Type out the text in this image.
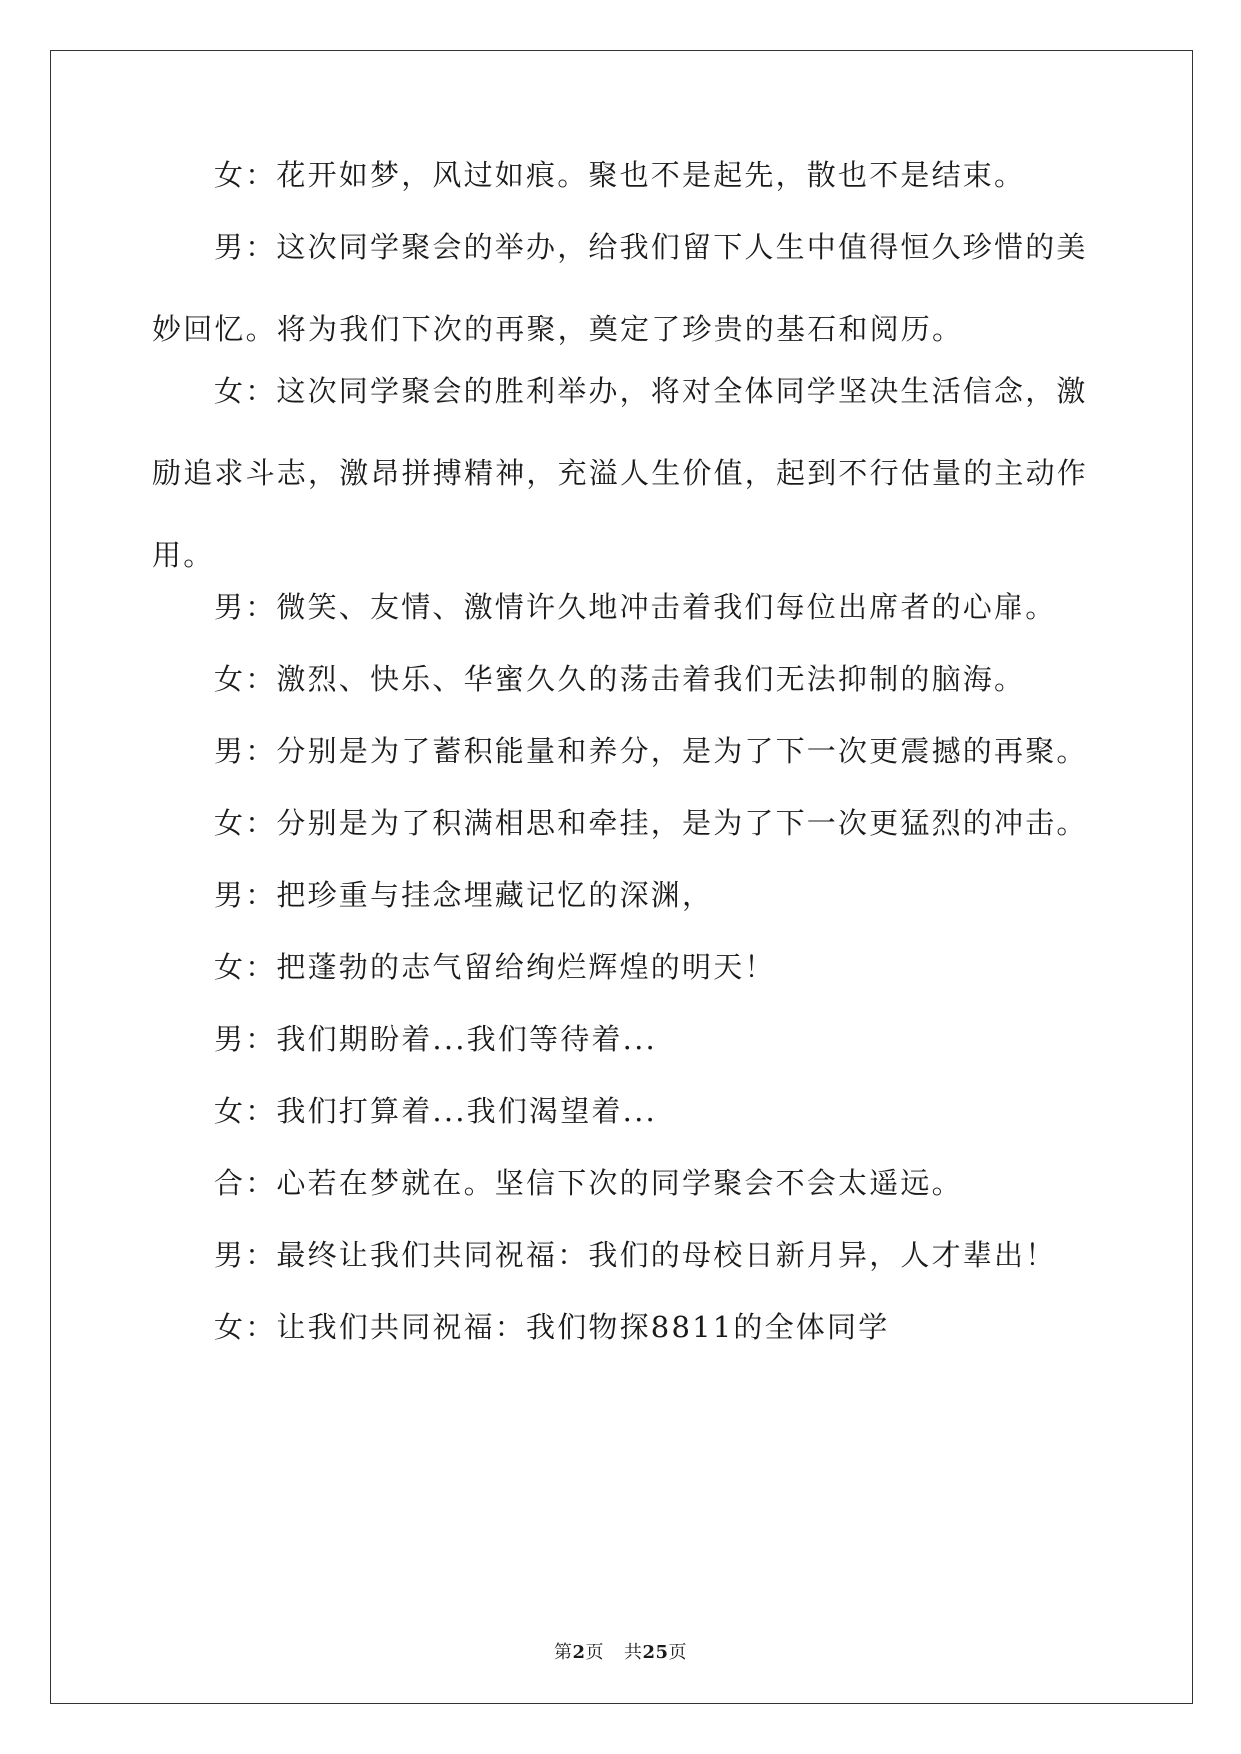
女：花开如梦，风过如痕。聚也不是起先，散也不是结束。

男：这次同学聚会的举办，给我们留下人生中值得恒久珍惜的美妙回忆。将为我们下次的再聚，奠定了珍贵的基石和阅历。

女：这次同学聚会的胜利举办，将对全体同学坚决生活信念，激励追求斗志，激昂拼搏精神，充溢人生价值，起到不行估量的主动作用。

男：微笑、友情、激情许久地冲击着我们每位出席者的心扉。

女：激烈、快乐、华蜜久久的荡击着我们无法抑制的脑海。

男：分别是为了蓄积能量和养分，是为了下一次更震撼的再聚。

女：分别是为了积满相思和牵挂，是为了下一次更猛烈的冲击。

男：把珍重与挂念埋藏记忆的深渊，

女：把蓬勃的志气留给绚烂辉煌的明天！

男：我们期盼着...我们等待着...

女：我们打算着...我们渴望着...

合：心若在梦就在。坚信下次的同学聚会不会太遥远。

男：最终让我们共同祝福：我们的母校日新月异，人才辈出！

女：让我们共同祝福：我们物探8811的全体同学

第2页 共25页
